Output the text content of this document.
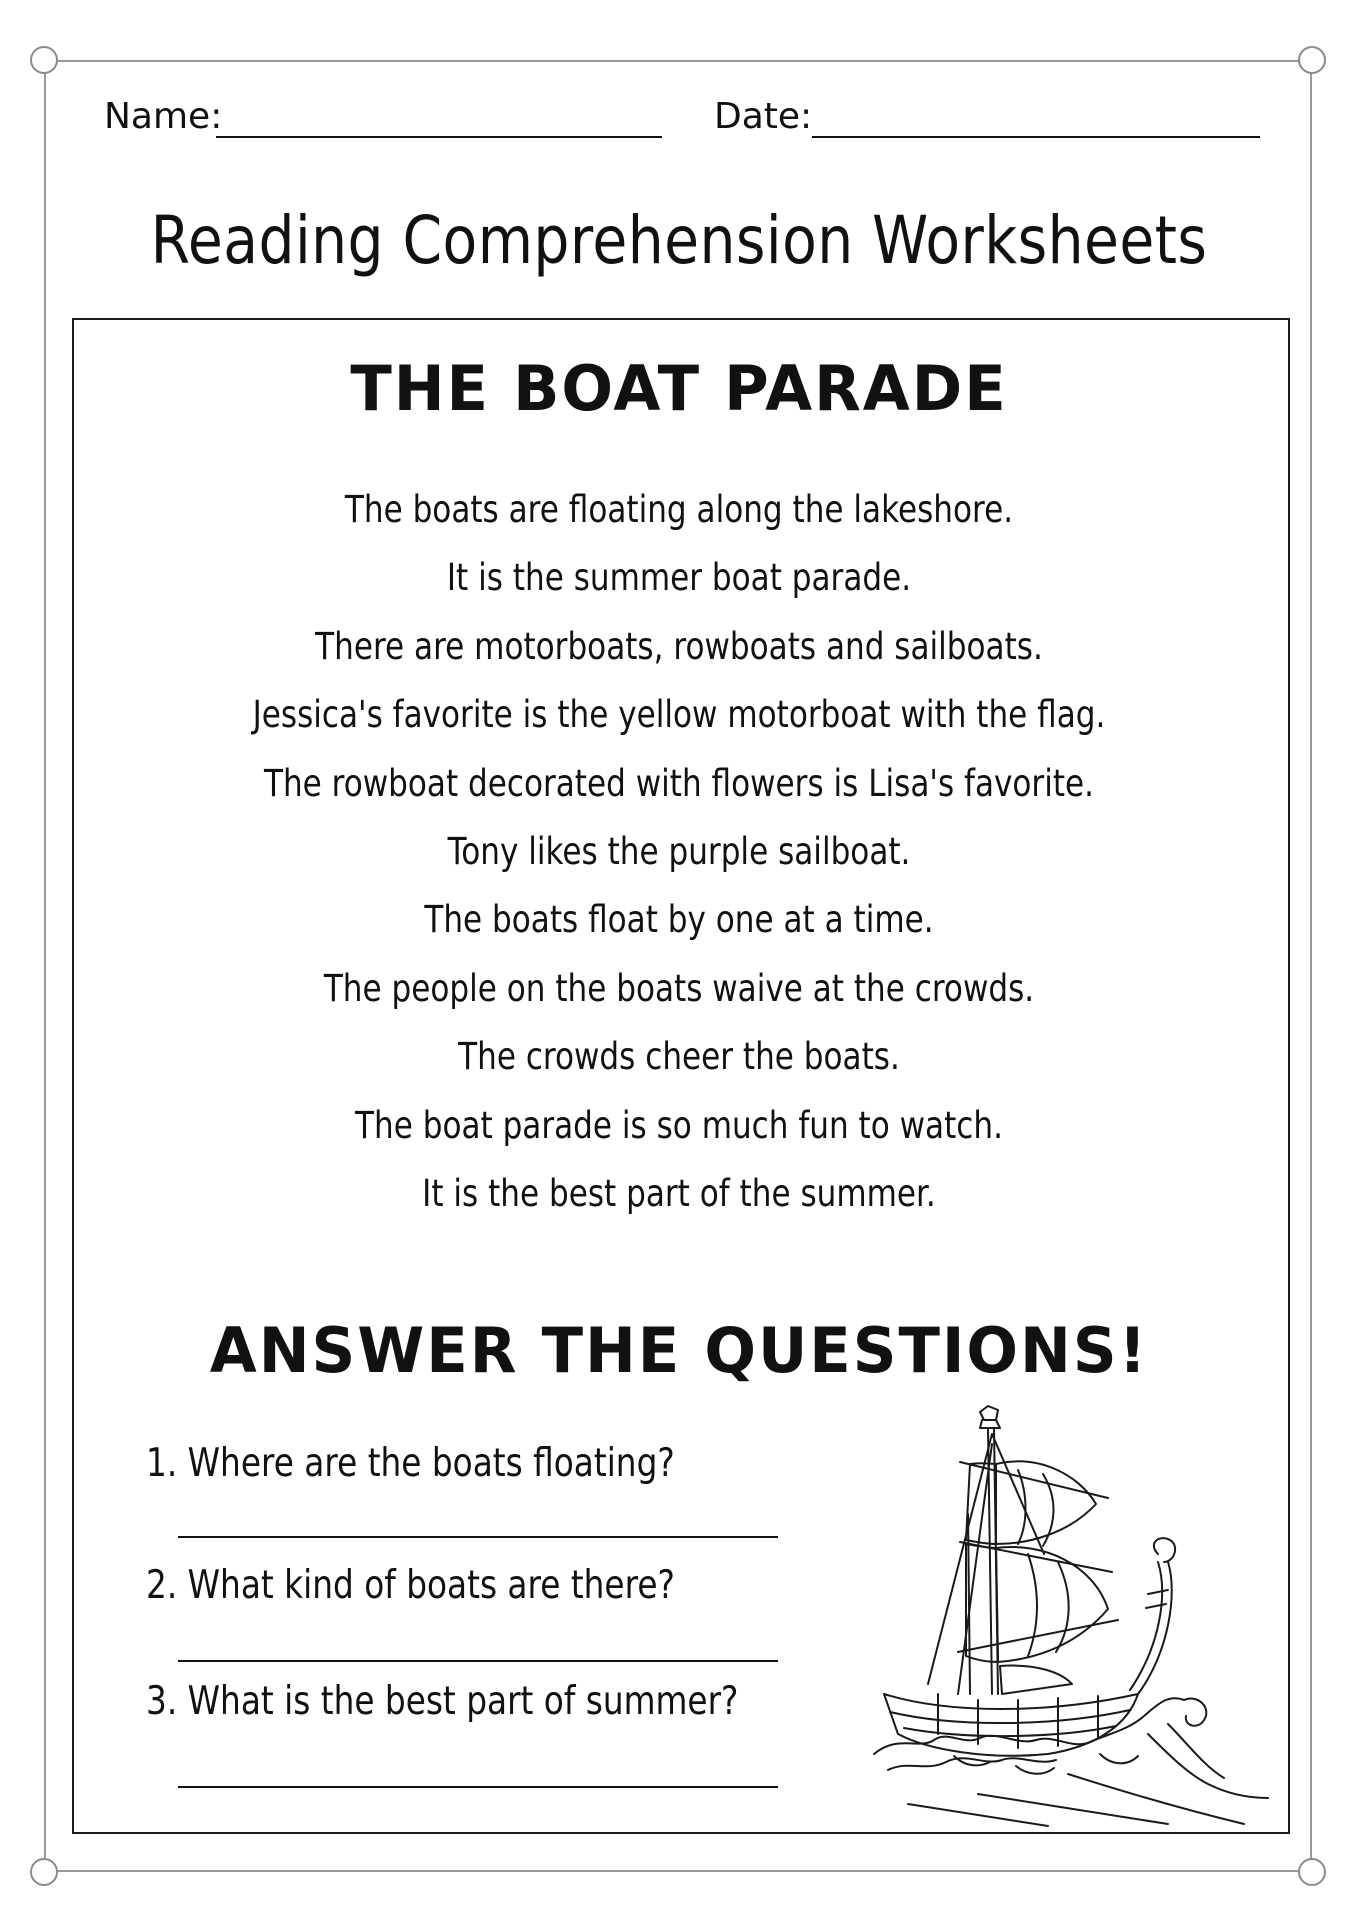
Name:	Date:
Reading Comprehension Worksheets
THE BOAT PARADE
The boats are floating along the lakeshore.
It is the summer boat parade.
There are motorboats, rowboats and sailboats.
Jessica's favorite is the yellow motorboat with the flag.
The rowboat decorated with flowers is Lisa's favorite.
Tony likes the purple sailboat.
The boats float by one at a time.
The people on the boats waive at the crowds.
The crowds cheer the boats.
The boat parade is so much fun to watch.
It is the best part of the summer.
ANSWER THE QUESTIONS!
1. Where are the boats floating?
2. What kind of boats are there?
3. What is the best part of summer?
